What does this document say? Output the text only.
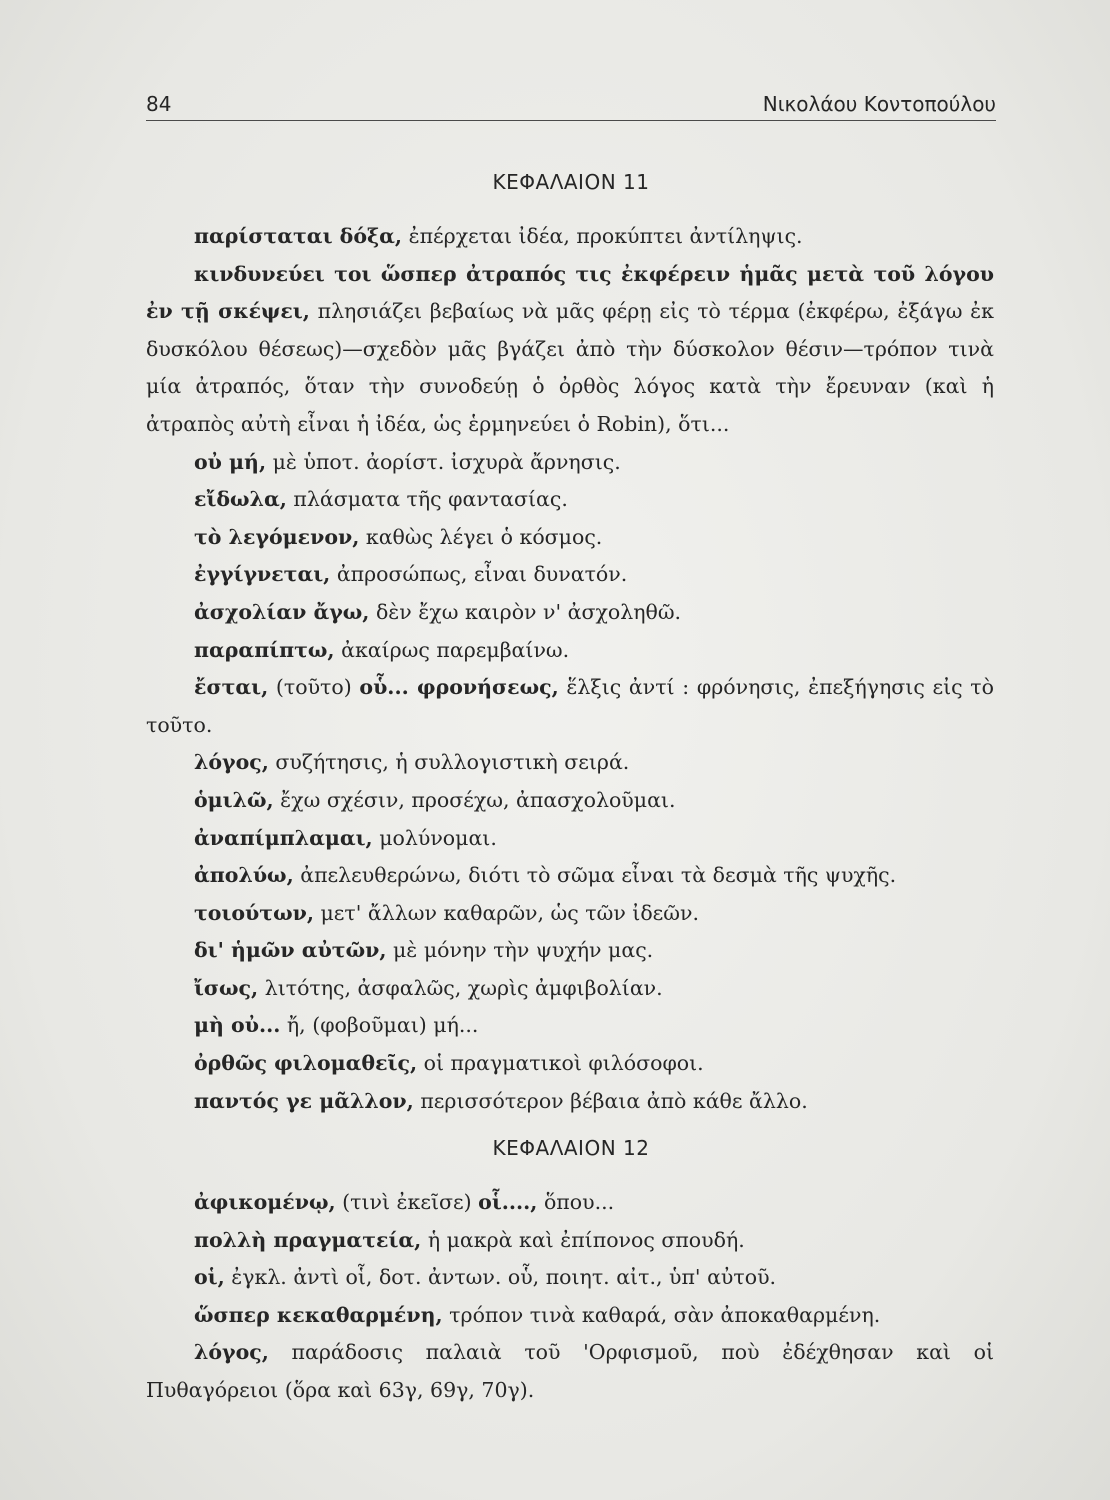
84	Νικολάου Κοντοπούλου
ΚΕΦΑΛΑΙΟΝ 11

παρίσταται δόξα, ἐπέρχεται ἰδέα, προκύπτει ἀντίληψις.

κινδυνεύει τοι ὥσπερ ἀτραπός τις ἐκφέρειν ἡμᾶς μετὰ τοῦ λόγου ἐν τῇ σκέψει, πλησιάζει βεβαίως νὰ μᾶς φέρῃ εἰς τὸ τέρμα (ἐκφέρω, ἐξάγω ἐκ δυσκόλου θέσεως)—σχεδὸν μᾶς βγάζει ἀπὸ τὴν δύσκολον θέσιν—τρόπον τινὰ μία ἀτραπός, ὅταν τὴν συνοδεύῃ ὁ ὀρθὸς λόγος κατὰ τὴν ἔρευναν (καὶ ἡ ἀτραπὸς αὐτὴ εἶναι ἡ ἰδέα, ὡς ἑρμηνεύει ὁ Robin), ὅτι...

οὐ μή, μὲ ὑποτ. ἀορίστ. ἰσχυρὰ ἄρνησις.

εἴδωλα, πλάσματα τῆς φαντασίας.

τὸ λεγόμενον, καθὼς λέγει ὁ κόσμος.

ἐγγίγνεται, ἀπροσώπως, εἶναι δυνατόν.

ἀσχολίαν ἄγω, δὲν ἔχω καιρὸν ν' ἀσχοληθῶ.

παραπίπτω, ἀκαίρως παρεμβαίνω.

ἔσται, (τοῦτο) οὗ... φρονήσεως, ἕλξις ἀντί : φρόνησις, ἐπεξήγησις εἰς τὸ τοῦτο.

λόγος, συζήτησις, ἡ συλλογιστικὴ σειρά.

ὁμιλῶ, ἔχω σχέσιν, προσέχω, ἀπασχολοῦμαι.

ἀναπίμπλαμαι, μολύνομαι.

ἀπολύω, ἀπελευθερώνω, διότι τὸ σῶμα εἶναι τὰ δεσμὰ τῆς ψυχῆς.

τοιούτων, μετ' ἄλλων καθαρῶν, ὡς τῶν ἰδεῶν.

δι' ἡμῶν αὐτῶν, μὲ μόνην τὴν ψυχήν μας.

ἴσως, λιτότης, ἀσφαλῶς, χωρὶς ἀμφιβολίαν.

μὴ οὐ... ἤ, (φοβοῦμαι) μή...

ὀρθῶς φιλομαθεῖς, οἱ πραγματικοὶ φιλόσοφοι.

παντός γε μᾶλλον, περισσότερον βέβαια ἀπὸ κάθε ἄλλο.

ΚΕΦΑΛΑΙΟΝ 12

ἀφικομένῳ, (τινὶ ἐκεῖσε) οἷ...., ὅπου...

πολλὴ πραγματεία, ἡ μακρὰ καὶ ἐπίπονος σπουδή.

οἱ, ἐγκλ. ἀντὶ οἷ, δοτ. ἀντων. οὗ, ποιητ. αἰτ., ὑπ' αὐτοῦ.

ὥσπερ κεκαθαρμένη, τρόπον τινὰ καθαρά, σὰν ἀποκαθαρμένη.

λόγος, παράδοσις παλαιὰ τοῦ 'Ορφισμοῦ, ποὺ ἐδέχθησαν καὶ οἱ Πυθαγόρειοι (ὅρα καὶ 63γ, 69γ, 70γ).
